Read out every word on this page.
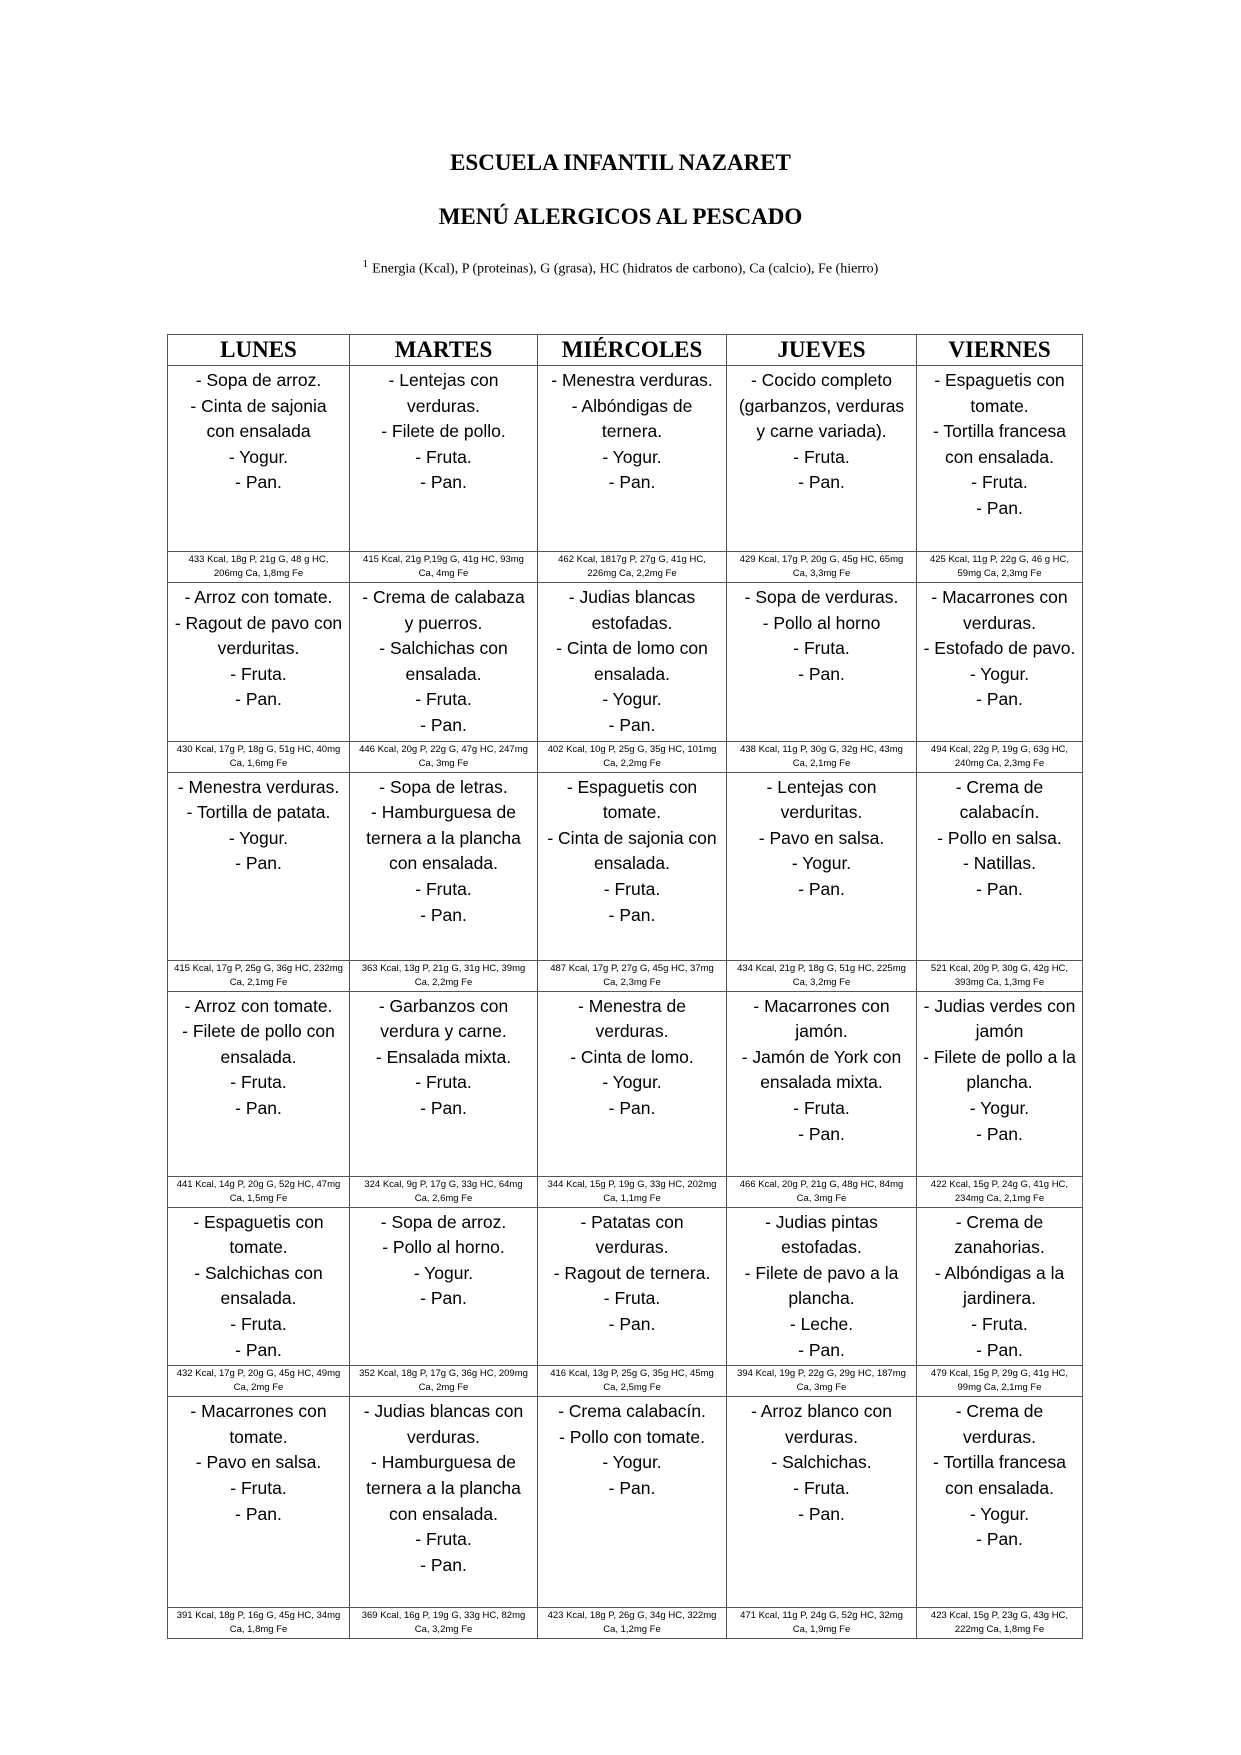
ESCUELA INFANTIL NAZARET
MENÚ ALERGICOS AL PESCADO
$^1$ Energia (Kcal), P (proteinas), G (grasa), HC (hidratos de carbono), Ca (calcio), Fe (hierro)
LUNES	MARTES	MIÉRCOLES	JUEVES	VIERNES

- Sopa de arroz.
- Cinta de sajonia con ensalada
- Yogur.
- Pan.	- Lentejas con verduras.
- Filete de pollo.
- Fruta.
- Pan.	- Menestra verduras.
- Albóndigas de ternera.
- Yogur.
- Pan.	- Cocido completo (garbanzos, verduras y carne variada).
- Fruta.
- Pan.	- Espaguetis con tomate.
- Tortilla francesa con ensalada.
- Fruta.
- Pan.

433 Kcal, 18g P, 21g G, 48 g HC, 206mg Ca, 1,8mg Fe	415 Kcal, 21g P,19g G, 41g HC, 93mg Ca, 4mg Fe	462 Kcal, 1817g P, 27g G, 41g HC, 226mg Ca, 2,2mg Fe	429 Kcal, 17g P, 20g G, 45g HC, 65mg Ca, 3,3mg Fe	425 Kcal, 11g P, 22g G, 46 g HC, 59mg Ca, 2,3mg Fe

- Arroz con tomate.
- Ragout de pavo con verduritas.
- Fruta.
- Pan.	- Crema de calabaza y puerros.
- Salchichas con ensalada.
- Fruta.
- Pan.	- Judias blancas estofadas.
- Cinta de lomo con ensalada.
- Yogur.
- Pan.	- Sopa de verduras.
- Pollo al horno
- Fruta.
- Pan.	- Macarrones con verduras.
- Estofado de pavo.
- Yogur.
- Pan.

430 Kcal, 17g P, 18g G, 51g HC, 40mg Ca, 1,6mg Fe	446 Kcal, 20g P, 22g G, 47g HC, 247mg Ca, 3mg Fe	402 Kcal, 10g P, 25g G, 35g HC, 101mg Ca, 2,2mg Fe	438 Kcal, 11g P, 30g G, 32g HC, 43mg Ca, 2,1mg Fe	494 Kcal, 22g P, 19g G, 63g HC, 240mg Ca, 2,3mg Fe

- Menestra verduras.
- Tortilla de patata.
- Yogur.
- Pan.	- Sopa de letras.
- Hamburguesa de ternera a la plancha con ensalada.
- Fruta.
- Pan.	- Espaguetis con tomate.
- Cinta de sajonia con ensalada.
- Fruta.
- Pan.	- Lentejas con verduritas.
- Pavo en salsa.
- Yogur.
- Pan.	- Crema de calabacín.
- Pollo en salsa.
- Natillas.
- Pan.

415 Kcal, 17g P, 25g G, 36g HC, 232mg Ca, 2,1mg Fe	363 Kcal, 13g P, 21g G, 31g HC, 39mg Ca, 2,2mg Fe	487 Kcal, 17g P, 27g G, 45g HC, 37mg Ca, 2,3mg Fe	434 Kcal, 21g P, 18g G, 51g HC, 225mg Ca, 3,2mg Fe	521 Kcal, 20g P, 30g G, 42g HC, 393mg Ca, 1,3mg Fe

- Arroz con tomate.
- Filete de pollo con ensalada.
- Fruta.
- Pan.	- Garbanzos con verdura y carne.
- Ensalada mixta.
- Fruta.
- Pan.	- Menestra de verduras.
- Cinta de lomo.
- Yogur.
- Pan.	- Macarrones con jamón.
- Jamón de York con ensalada mixta.
- Fruta.
- Pan.	- Judias verdes con jamón
- Filete de pollo a la plancha.
- Yogur.
- Pan.

441 Kcal, 14g P, 20g G, 52g HC, 47mg Ca, 1,5mg Fe	324 Kcal, 9g P, 17g G, 33g HC, 64mg Ca, 2,6mg Fe	344 Kcal, 15g P, 19g G, 33g HC, 202mg Ca, 1,1mg Fe	466 Kcal, 20g P, 21g G, 48g HC, 84mg Ca, 3mg Fe	422 Kcal, 15g P, 24g G, 41g HC, 234mg Ca, 2,1mg Fe

- Espaguetis con tomate.
- Salchichas con ensalada.
- Fruta.
- Pan.	- Sopa de arroz.
- Pollo al horno.
- Yogur.
- Pan.	- Patatas con verduras.
- Ragout de ternera.
- Fruta.
- Pan.	- Judias pintas estofadas.
- Filete de pavo a la plancha.
- Leche.
- Pan.	- Crema de zanahorias.
- Albóndigas a la jardinera.
- Fruta.
- Pan.

432 Kcal, 17g P, 20g G, 45g HC, 49mg Ca, 2mg Fe	352 Kcal, 18g P, 17g G, 36g HC, 209mg Ca, 2mg Fe	416 Kcal, 13g P, 25g G, 35g HC, 45mg Ca, 2,5mg Fe	394 Kcal, 19g P, 22g G, 29g HC, 187mg Ca, 3mg Fe	479 Kcal, 15g P, 29g G, 41g HC, 99mg Ca, 2,1mg Fe

- Macarrones con tomate.
- Pavo en salsa.
- Fruta.
- Pan.	- Judias blancas con verduras.
- Hamburguesa de ternera a la plancha con ensalada.
- Fruta.
- Pan.	- Crema calabacín.
- Pollo con tomate.
- Yogur.
- Pan.	- Arroz blanco con verduras.
- Salchichas.
- Fruta.
- Pan.	- Crema de verduras.
- Tortilla francesa con ensalada.
- Yogur.
- Pan.

391 Kcal, 18g P, 16g G, 45g HC, 34mg Ca, 1,8mg Fe	369 Kcal, 16g P, 19g G, 33g HC, 82mg Ca, 3,2mg Fe	423 Kcal, 18g P, 26g G, 34g HC, 322mg Ca, 1,2mg Fe	471 Kcal, 11g P, 24g G, 52g HC, 32mg Ca, 1,9mg Fe	423 Kcal, 15g P, 23g G, 43g HC, 222mg Ca, 1,8mg Fe
